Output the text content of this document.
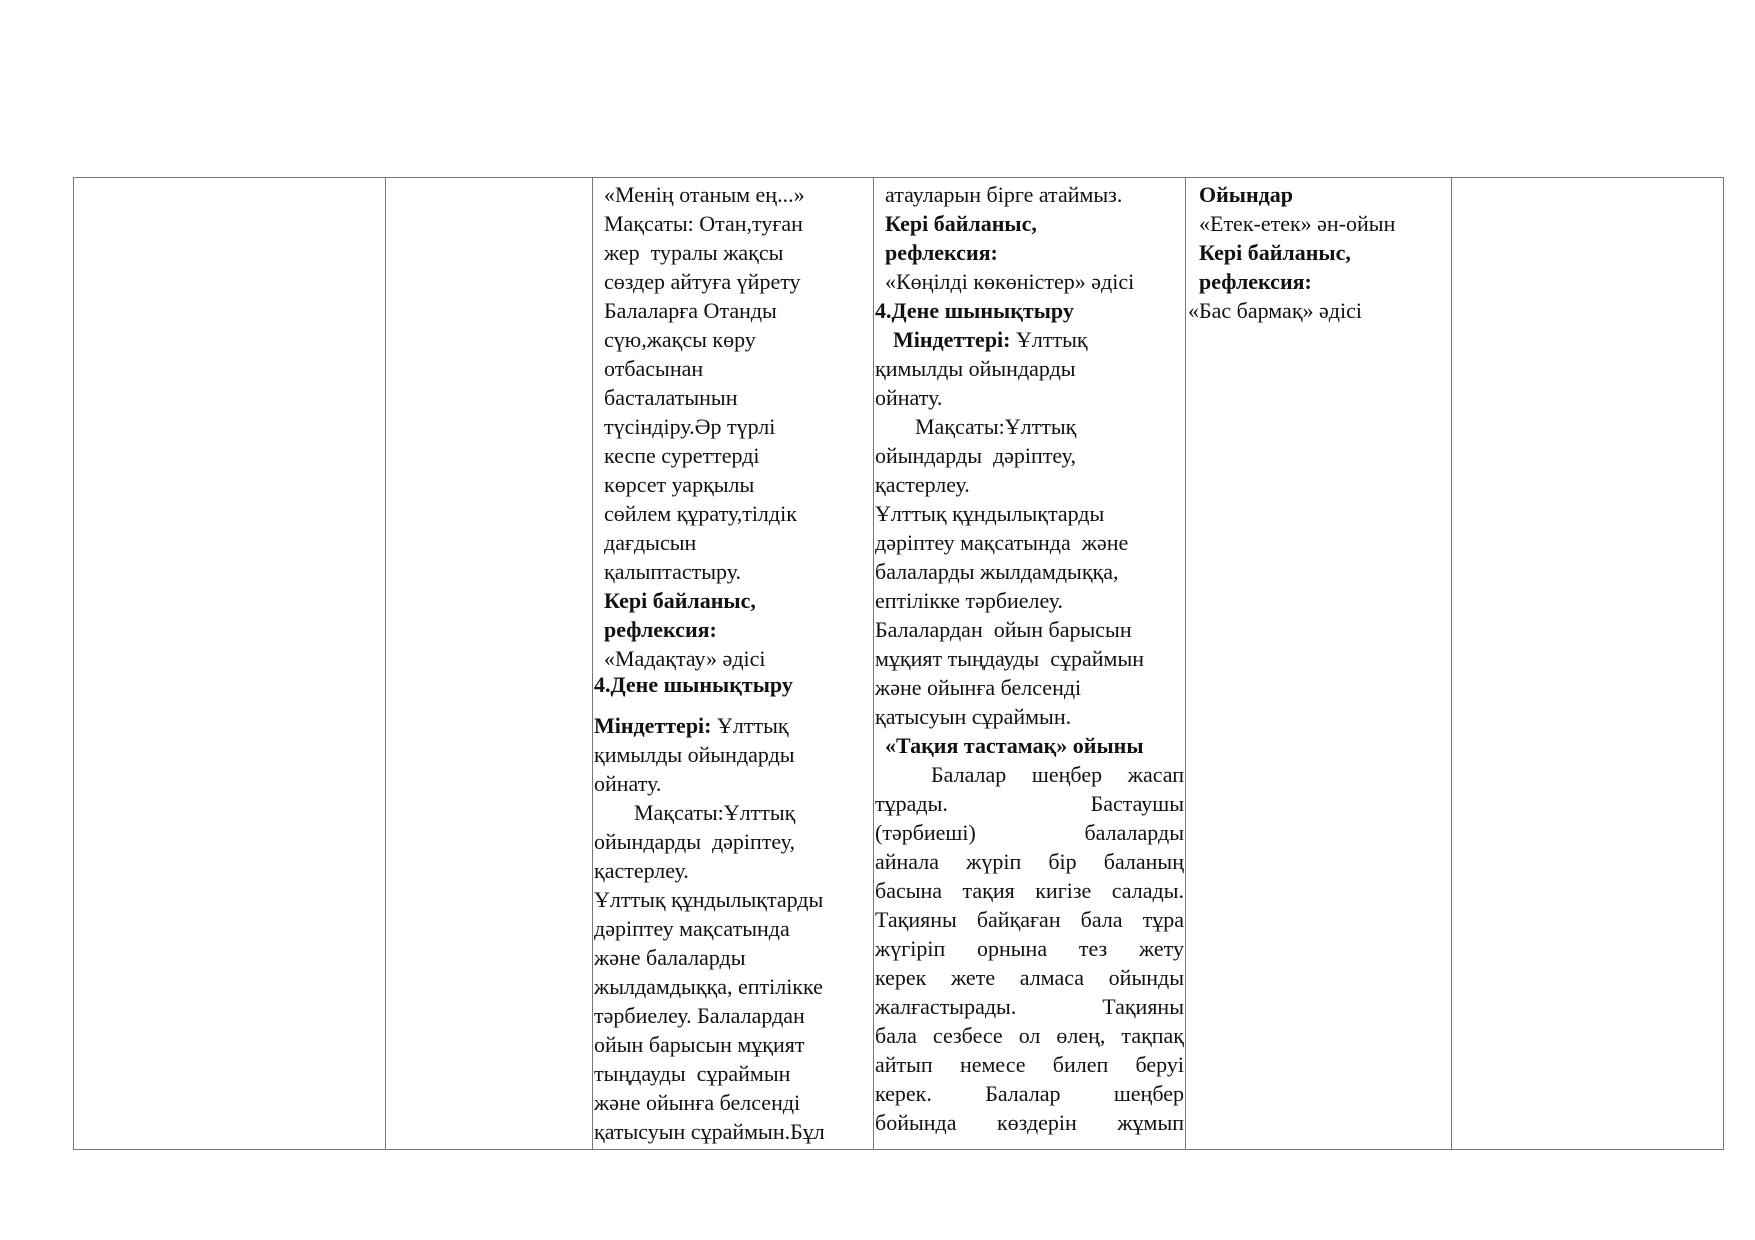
«Менің отаным ең...»
Мақсаты: Отан,туған
жер  туралы жақсы
сөздер айтуға үйрету
Балаларға Отанды
сүю,жақсы көру
отбасынан
басталатынын
түсіндіру.Әр түрлі
кеспе суреттерді
көрсет уарқылы
сөйлем құрату,тілдік
дағдысын
қалыптастыру.
Кері байланыс,
рефлексия:
«Мадақтау» әдісі
4.Дене шынықтыру
Міндеттері: Ұлттық
қимылды ойындарды
ойнату.
Мақсаты:Ұлттық
ойындарды  дәріптеу,
қастерлеу.
Ұлттық құндылықтарды
дәріптеу мақсатында
және балаларды
жылдамдыққа, ептілікке
тәрбиелеу. Балалардан
ойын барысын мұқият
тыңдауды  сұраймын
және ойынға белсенді
қатысуын сұраймын.Бұл
атауларын бірге атаймыз.
Кері байланыс,
рефлексия:
«Көңілді көкөністер» әдісі
4.Дене шынықтыру
Міндеттері: Ұлттық
қимылды ойындарды
ойнату.
Мақсаты:Ұлттық
ойындарды  дәріптеу,
қастерлеу.
Ұлттық құндылықтарды
дәріптеу мақсатында  және
балаларды жылдамдыққа,
ептілікке тәрбиелеу.
Балалардан  ойын барысын
мұқият тыңдауды  сұраймын
және ойынға белсенді
қатысуын сұраймын.
«Тақия тастамақ» ойыны
Балалар шеңбер жасап
тұрады. Бастаушы
(тәрбиеші) балаларды
айнала жүріп бір баланың
басына тақия кигізе салады.
Тақияны байқаған бала тұра
жүгіріп орнына тез жету
керек жете алмаса ойынды
жалғастырады. Тақияны
бала сезбесе ол өлең, тақпақ
айтып немесе билеп беруі
керек. Балалар шеңбер
бойында көздерін жұмып
Ойындар
«Етек-етек» ән-ойын
Кері байланыс,
рефлексия:
«Бас бармақ» әдісі
